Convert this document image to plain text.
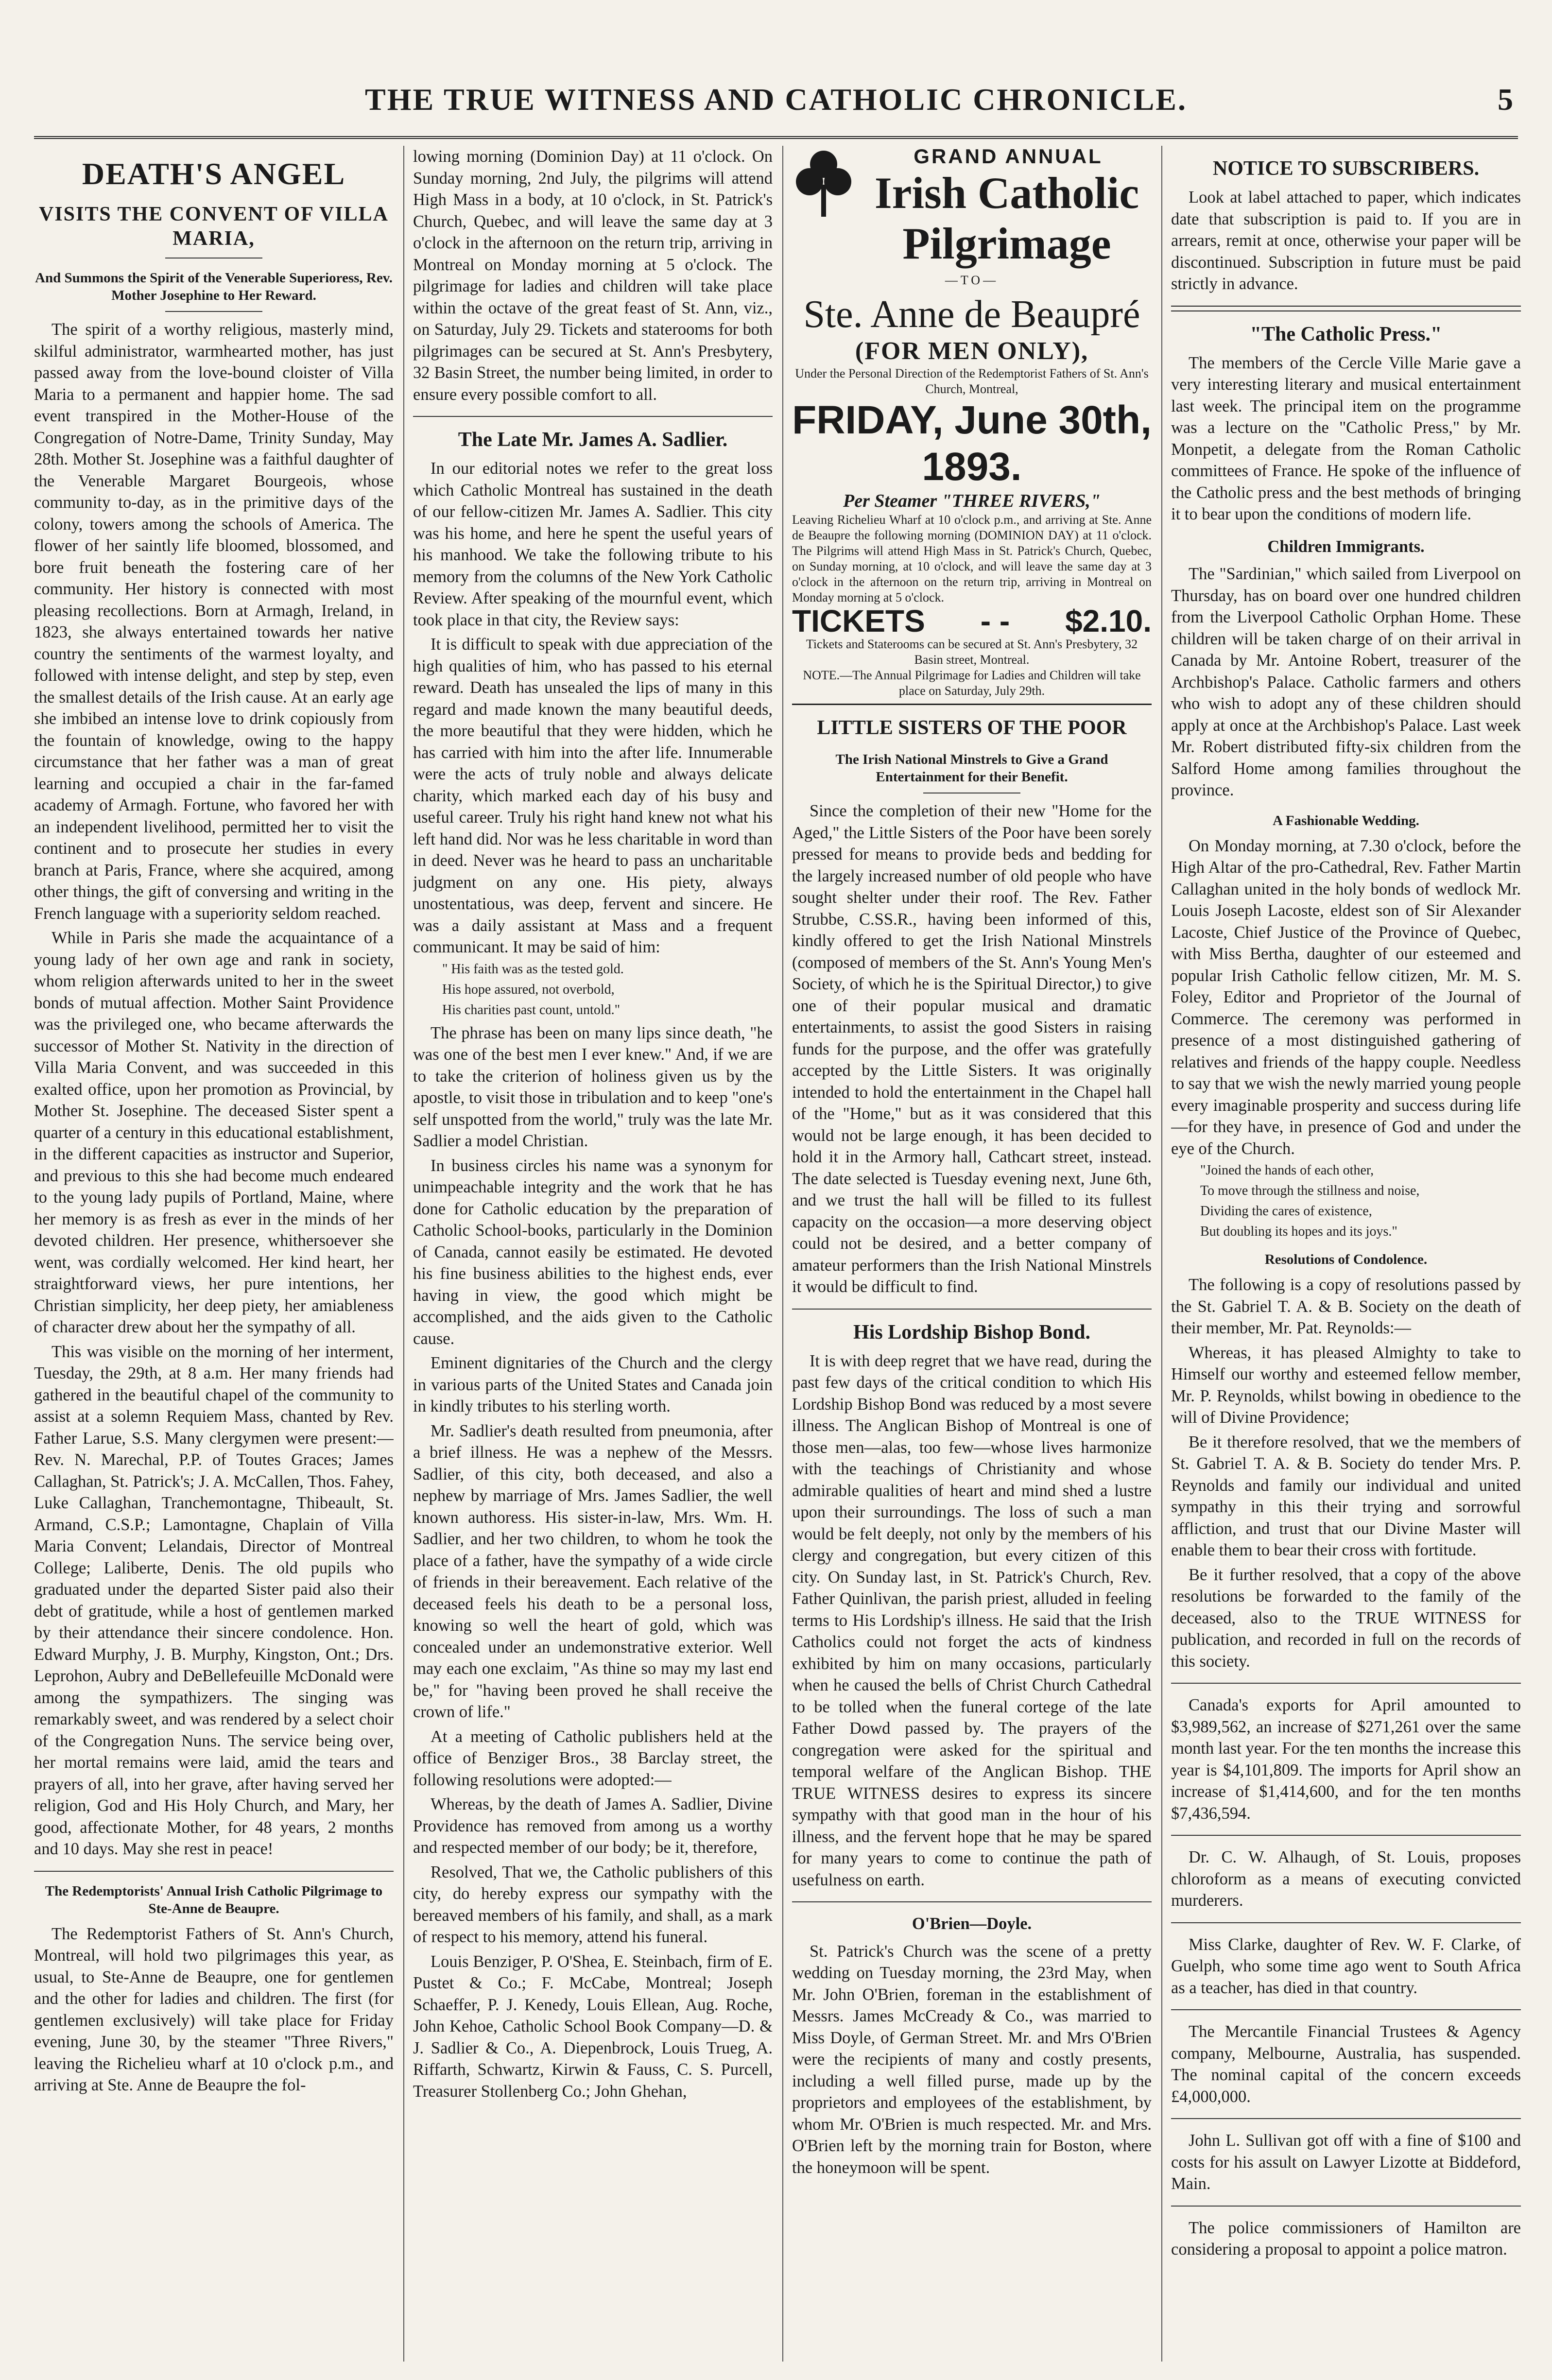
THE TRUE WITNESS AND CATHOLIC CHRONICLE.	5
DEATH'S ANGEL
VISITS THE CONVENT OF VILLA MARIA,
And Summons the Spirit of the Venerable Superioress, Rev. Mother Josephine to Her Reward.

The spirit of a worthy religious, masterly mind, skilful administrator, warmhearted mother, has just passed away from the love-bound cloister of Villa Maria to a permanent and happier home. The sad event transpired in the Mother-House of the Congregation of Notre-Dame, Trinity Sunday, May 28th. Mother St. Josephine was a faithful daughter of the Venerable Margaret Bourgeois, whose community to-day, as in the primitive days of the colony, towers among the schools of America. The flower of her saintly life bloomed, blossomed, and bore fruit beneath the fostering care of her community. Her history is connected with most pleasing recollections. Born at Armagh, Ireland, in 1823, she always entertained towards her native country the sentiments of the warmest loyalty, and followed with intense delight, and step by step, even the smallest details of the Irish cause. At an early age she imbibed an intense love to drink copiously from the fountain of knowledge, owing to the happy circumstance that her father was a man of great learning and occupied a chair in the far-famed academy of Armagh. Fortune, who favored her with an independent livelihood, permitted her to visit the continent and to prosecute her studies in every branch at Paris, France, where she acquired, among other things, the gift of conversing and writing in the French language with a superiority seldom reached.

While in Paris she made the acquaintance of a young lady of her own age and rank in society, whom religion afterwards united to her in the sweet bonds of mutual affection. Mother Saint Providence was the privileged one, who became afterwards the successor of Mother St. Nativity in the direction of Villa Maria Convent, and was succeeded in this exalted office, upon her promotion as Provincial, by Mother St. Josephine. The deceased Sister spent a quarter of a century in this educational establishment, in the different capacities as instructor and Superior, and previous to this she had become much endeared to the young lady pupils of Portland, Maine, where her memory is as fresh as ever in the minds of her devoted children. Her presence, whithersoever she went, was cordially welcomed. Her kind heart, her straightforward views, her pure intentions, her Christian simplicity, her deep piety, her amiableness of character drew about her the sympathy of all.

This was visible on the morning of her interment, Tuesday, the 29th, at 8 a.m. Her many friends had gathered in the beautiful chapel of the community to assist at a solemn Requiem Mass, chanted by Rev. Father Larue, S.S. Many clergymen were present:—Rev. N. Marechal, P.P. of Toutes Graces; James Callaghan, St. Patrick's; J. A. McCallen, Thos. Fahey, Luke Callaghan, Tranchemontagne, Thibeault, St. Armand, C.S.P.; Lamontagne, Chaplain of Villa Maria Convent; Lelandais, Director of Montreal College; Laliberte, Denis. The old pupils who graduated under the departed Sister paid also their debt of gratitude, while a host of gentlemen marked by their attendance their sincere condolence. Hon. Edward Murphy, J. B. Murphy, Kingston, Ont.; Drs. Leprohon, Aubry and DeBellefeuille McDonald were among the sympathizers. The singing was remarkably sweet, and was rendered by a select choir of the Congregation Nuns. The service being over, her mortal remains were laid, amid the tears and prayers of all, into her grave, after having served her religion, God and His Holy Church, and Mary, her good, affectionate Mother, for 48 years, 2 months and 10 days. May she rest in peace!

The Redemptorists' Annual Irish Catholic Pilgrimage to Ste-Anne de Beaupre.

The Redemptorist Fathers of St. Ann's Church, Montreal, will hold two pilgrimages this year, as usual, to Ste-Anne de Beaupre, one for gentlemen and the other for ladies and children. The first (for gentlemen exclusively) will take place for Friday evening, June 30, by the steamer "Three Rivers," leaving the Richelieu wharf at 10 o'clock p.m., and arriving at Ste. Anne de Beaupre the fol-

lowing morning (Dominion Day) at 11 o'clock. On Sunday morning, 2nd July, the pilgrims will attend High Mass in a body, at 10 o'clock, in St. Patrick's Church, Quebec, and will leave the same day at 3 o'clock in the afternoon on the return trip, arriving in Montreal on Monday morning at 5 o'clock. The pilgrimage for ladies and children will take place within the octave of the great feast of St. Ann, viz., on Saturday, July 29. Tickets and staterooms for both pilgrimages can be secured at St. Ann's Presbytery, 32 Basin Street, the number being limited, in order to ensure every possible comfort to all.

The Late Mr. James A. Sadlier.

In our editorial notes we refer to the great loss which Catholic Montreal has sustained in the death of our fellow-citizen Mr. James A. Sadlier. This city was his home, and here he spent the useful years of his manhood. We take the following tribute to his memory from the columns of the New York Catholic Review. After speaking of the mournful event, which took place in that city, the Review says:

It is difficult to speak with due appreciation of the high qualities of him, who has passed to his eternal reward. Death has unsealed the lips of many in this regard and made known the many beautiful deeds, the more beautiful that they were hidden, which he has carried with him into the after life. Innumerable were the acts of truly noble and always delicate charity, which marked each day of his busy and useful career. Truly his right hand knew not what his left hand did. Nor was he less charitable in word than in deed. Never was he heard to pass an uncharitable judgment on any one. His piety, always unostentatious, was deep, fervent and sincere. He was a daily assistant at Mass and a frequent communicant. It may be said of him:

" His faith was as the tested gold.
His hope assured, not overbold,
His charities past count, untold."

The phrase has been on many lips since death, "he was one of the best men I ever knew." And, if we are to take the criterion of holiness given us by the apostle, to visit those in tribulation and to keep "one's self unspotted from the world," truly was the late Mr. Sadlier a model Christian.

In business circles his name was a synonym for unimpeachable integrity and the work that he has done for Catholic education by the preparation of Catholic School-books, particularly in the Dominion of Canada, cannot easily be estimated. He devoted his fine business abilities to the highest ends, ever having in view, the good which might be accomplished, and the aids given to the Catholic cause.

Eminent dignitaries of the Church and the clergy in various parts of the United States and Canada join in kindly tributes to his sterling worth.

Mr. Sadlier's death resulted from pneumonia, after a brief illness. He was a nephew of the Messrs. Sadlier, of this city, both deceased, and also a nephew by marriage of Mrs. James Sadlier, the well known authoress. His sister-in-law, Mrs. Wm. H. Sadlier, and her two children, to whom he took the place of a father, have the sympathy of a wide circle of friends in their bereavement. Each relative of the deceased feels his death to be a personal loss, knowing so well the heart of gold, which was concealed under an undemonstrative exterior. Well may each one exclaim, "As thine so may my last end be," for "having been proved he shall receive the crown of life."

At a meeting of Catholic publishers held at the office of Benziger Bros., 38 Barclay street, the following resolutions were adopted:—

Whereas, by the death of James A. Sadlier, Divine Providence has removed from among us a worthy and respected member of our body; be it, therefore,

Resolved, That we, the Catholic publishers of this city, do hereby express our sympathy with the bereaved members of his family, and shall, as a mark of respect to his memory, attend his funeral.

Louis Benziger, P. O'Shea, E. Steinbach, firm of E. Pustet & Co.; F. McCabe, Montreal; Joseph Schaeffer, P. J. Kenedy, Louis Ellean, Aug. Roche, John Kehoe, Catholic School Book Company—D. & J. Sadlier & Co., A. Diepenbrock, Louis Trueg, A. Riffarth, Schwartz, Kirwin & Fauss, C. S. Purcell, Treasurer Stollenberg Co.; John Ghehan,

GRAND ANNUAL
Irish Catholic Pilgrimage
—TO—
Ste. Anne de Beaupré
(FOR MEN ONLY),
Under the Personal Direction of the Redemptorist Fathers of St. Ann's Church, Montreal,
FRIDAY, June 30th, 1893.
Per Steamer "THREE RIVERS,"
Leaving Richelieu Wharf at 10 o'clock p.m., and arriving at Ste. Anne de Beaupre the following morning (DOMINION DAY) at 11 o'clock. The Pilgrims will attend High Mass in St. Patrick's Church, Quebec, on Sunday morning, at 10 o'clock, and will leave the same day at 3 o'clock in the afternoon on the return trip, arriving in Montreal on Monday morning at 5 o'clock.
TICKETS - - $2.10.
Tickets and Staterooms can be secured at St. Ann's Presbytery, 32 Basin street, Montreal.
NOTE.—The Annual Pilgrimage for Ladies and Children will take place on Saturday, July 29th.
LITTLE SISTERS OF THE POOR
The Irish National Minstrels to Give a Grand Entertainment for their Benefit.

Since the completion of their new "Home for the Aged," the Little Sisters of the Poor have been sorely pressed for means to provide beds and bedding for the largely increased number of old people who have sought shelter under their roof. The Rev. Father Strubbe, C.SS.R., having been informed of this, kindly offered to get the Irish National Minstrels (composed of members of the St. Ann's Young Men's Society, of which he is the Spiritual Director,) to give one of their popular musical and dramatic entertainments, to assist the good Sisters in raising funds for the purpose, and the offer was gratefully accepted by the Little Sisters. It was originally intended to hold the entertainment in the Chapel hall of the "Home," but as it was considered that this would not be large enough, it has been decided to hold it in the Armory hall, Cathcart street, instead. The date selected is Tuesday evening next, June 6th, and we trust the hall will be filled to its fullest capacity on the occasion—a more deserving object could not be desired, and a better company of amateur performers than the Irish National Minstrels it would be difficult to find.

His Lordship Bishop Bond.

It is with deep regret that we have read, during the past few days of the critical condition to which His Lordship Bishop Bond was reduced by a most severe illness. The Anglican Bishop of Montreal is one of those men—alas, too few—whose lives harmonize with the teachings of Christianity and whose admirable qualities of heart and mind shed a lustre upon their surroundings. The loss of such a man would be felt deeply, not only by the members of his clergy and congregation, but every citizen of this city. On Sunday last, in St. Patrick's Church, Rev. Father Quinlivan, the parish priest, alluded in feeling terms to His Lordship's illness. He said that the Irish Catholics could not forget the acts of kindness exhibited by him on many occasions, particularly when he caused the bells of Christ Church Cathedral to be tolled when the funeral cortege of the late Father Dowd passed by. The prayers of the congregation were asked for the spiritual and temporal welfare of the Anglican Bishop. THE TRUE WITNESS desires to express its sincere sympathy with that good man in the hour of his illness, and the fervent hope that he may be spared for many years to come to continue the path of usefulness on earth.

O'Brien—Doyle.

St. Patrick's Church was the scene of a pretty wedding on Tuesday morning, the 23rd May, when Mr. John O'Brien, foreman in the establishment of Messrs. James McCready & Co., was married to Miss Doyle, of German Street. Mr. and Mrs O'Brien were the recipients of many and costly presents, including a well filled purse, made up by the proprietors and employees of the establishment, by whom Mr. O'Brien is much respected. Mr. and Mrs. O'Brien left by the morning train for Boston, where the honeymoon will be spent.

NOTICE TO SUBSCRIBERS.

Look at label attached to paper, which indicates date that subscription is paid to. If you are in arrears, remit at once, otherwise your paper will be discontinued. Subscription in future must be paid strictly in advance.

"The Catholic Press."

The members of the Cercle Ville Marie gave a very interesting literary and musical entertainment last week. The principal item on the programme was a lecture on the "Catholic Press," by Mr. Monpetit, a delegate from the Roman Catholic committees of France. He spoke of the influence of the Catholic press and the best methods of bringing it to bear upon the conditions of modern life.

Children Immigrants.

The "Sardinian," which sailed from Liverpool on Thursday, has on board over one hundred children from the Liverpool Catholic Orphan Home. These children will be taken charge of on their arrival in Canada by Mr. Antoine Robert, treasurer of the Archbishop's Palace. Catholic farmers and others who wish to adopt any of these children should apply at once at the Archbishop's Palace. Last week Mr. Robert distributed fifty-six children from the Salford Home among families throughout the province.

A Fashionable Wedding.

On Monday morning, at 7.30 o'clock, before the High Altar of the pro-Cathedral, Rev. Father Martin Callaghan united in the holy bonds of wedlock Mr. Louis Joseph Lacoste, eldest son of Sir Alexander Lacoste, Chief Justice of the Province of Quebec, with Miss Bertha, daughter of our esteemed and popular Irish Catholic fellow citizen, Mr. M. S. Foley, Editor and Proprietor of the Journal of Commerce. The ceremony was performed in presence of a most distinguished gathering of relatives and friends of the happy couple. Needless to say that we wish the newly married young people every imaginable prosperity and success during life—for they have, in presence of God and under the eye of the Church.

"Joined the hands of each other,
To move through the stillness and noise,
Dividing the cares of existence,
But doubling its hopes and its joys."
Resolutions of Condolence.

The following is a copy of resolutions passed by the St. Gabriel T. A. & B. Society on the death of their member, Mr. Pat. Reynolds:—

Whereas, it has pleased Almighty to take to Himself our worthy and esteemed fellow member, Mr. P. Reynolds, whilst bowing in obedience to the will of Divine Providence;

Be it therefore resolved, that we the members of St. Gabriel T. A. & B. Society do tender Mrs. P. Reynolds and family our individual and united sympathy in this their trying and sorrowful affliction, and trust that our Divine Master will enable them to bear their cross with fortitude.

Be it further resolved, that a copy of the above resolutions be forwarded to the family of the deceased, also to the TRUE WITNESS for publication, and recorded in full on the records of this society.

Canada's exports for April amounted to $3,989,562, an increase of $271,261 over the same month last year. For the ten months the increase this year is $4,101,809. The imports for April show an increase of $1,414,600, and for the ten months $7,436,594.

Dr. C. W. Alhaugh, of St. Louis, proposes chloroform as a means of executing convicted murderers.

Miss Clarke, daughter of Rev. W. F. Clarke, of Guelph, who some time ago went to South Africa as a teacher, has died in that country.

The Mercantile Financial Trustees & Agency company, Melbourne, Australia, has suspended. The nominal capital of the concern exceeds £4,000,000.

John L. Sullivan got off with a fine of $100 and costs for his assult on Lawyer Lizotte at Biddeford, Main.

The police commissioners of Hamilton are considering a proposal to appoint a police matron.
